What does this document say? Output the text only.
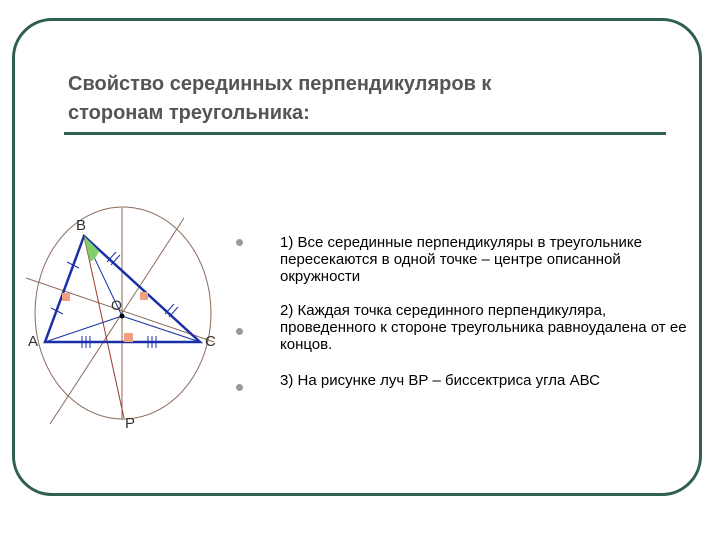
Свойство серединных перпендикуляров к
сторонам треугольника:
B
O
A	C
P
1) Все серединные перпендикуляры в треугольнике пересекаются в одной точке – центре описанной окружности
2) Каждая точка серединного перпендикуляра, проведенного к стороне треугольника равноудалена от ее концов.
3) На рисунке луч ВР – биссектриса угла АВС
